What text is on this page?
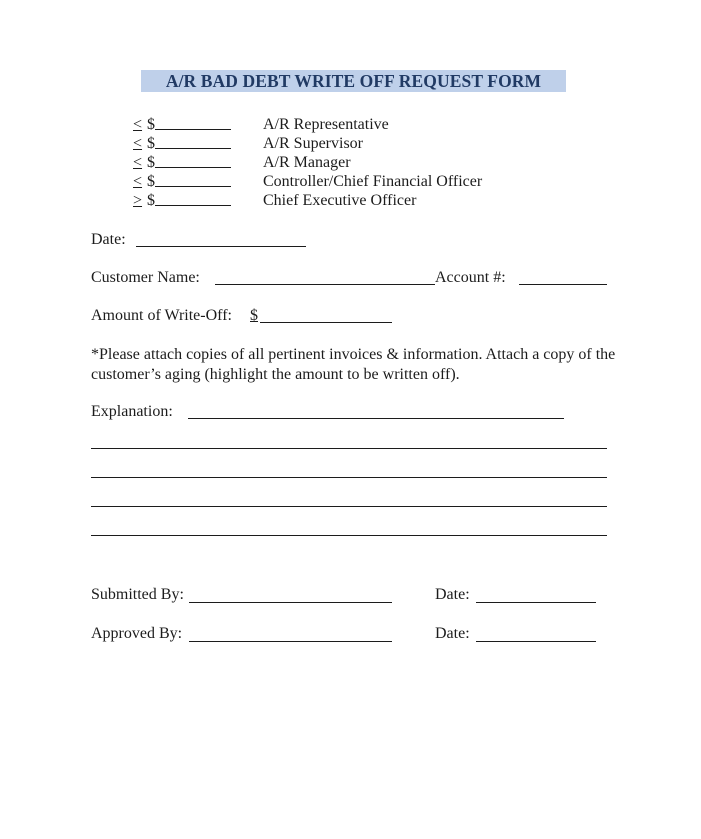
A/R BAD DEBT WRITE OFF REQUEST FORM
< $	A/R Representative
< $	A/R Supervisor
< $	A/R Manager
< $	Controller/Chief Financial Officer
> $	Chief Executive Officer
Date:
Customer Name:	Account #:
Amount of Write-Off: $
*Please attach copies of all pertinent invoices & information. Attach a copy of the customer’s aging (highlight the amount to be written off).
Explanation:
Submitted By:	Date:
Approved By:	Date:
